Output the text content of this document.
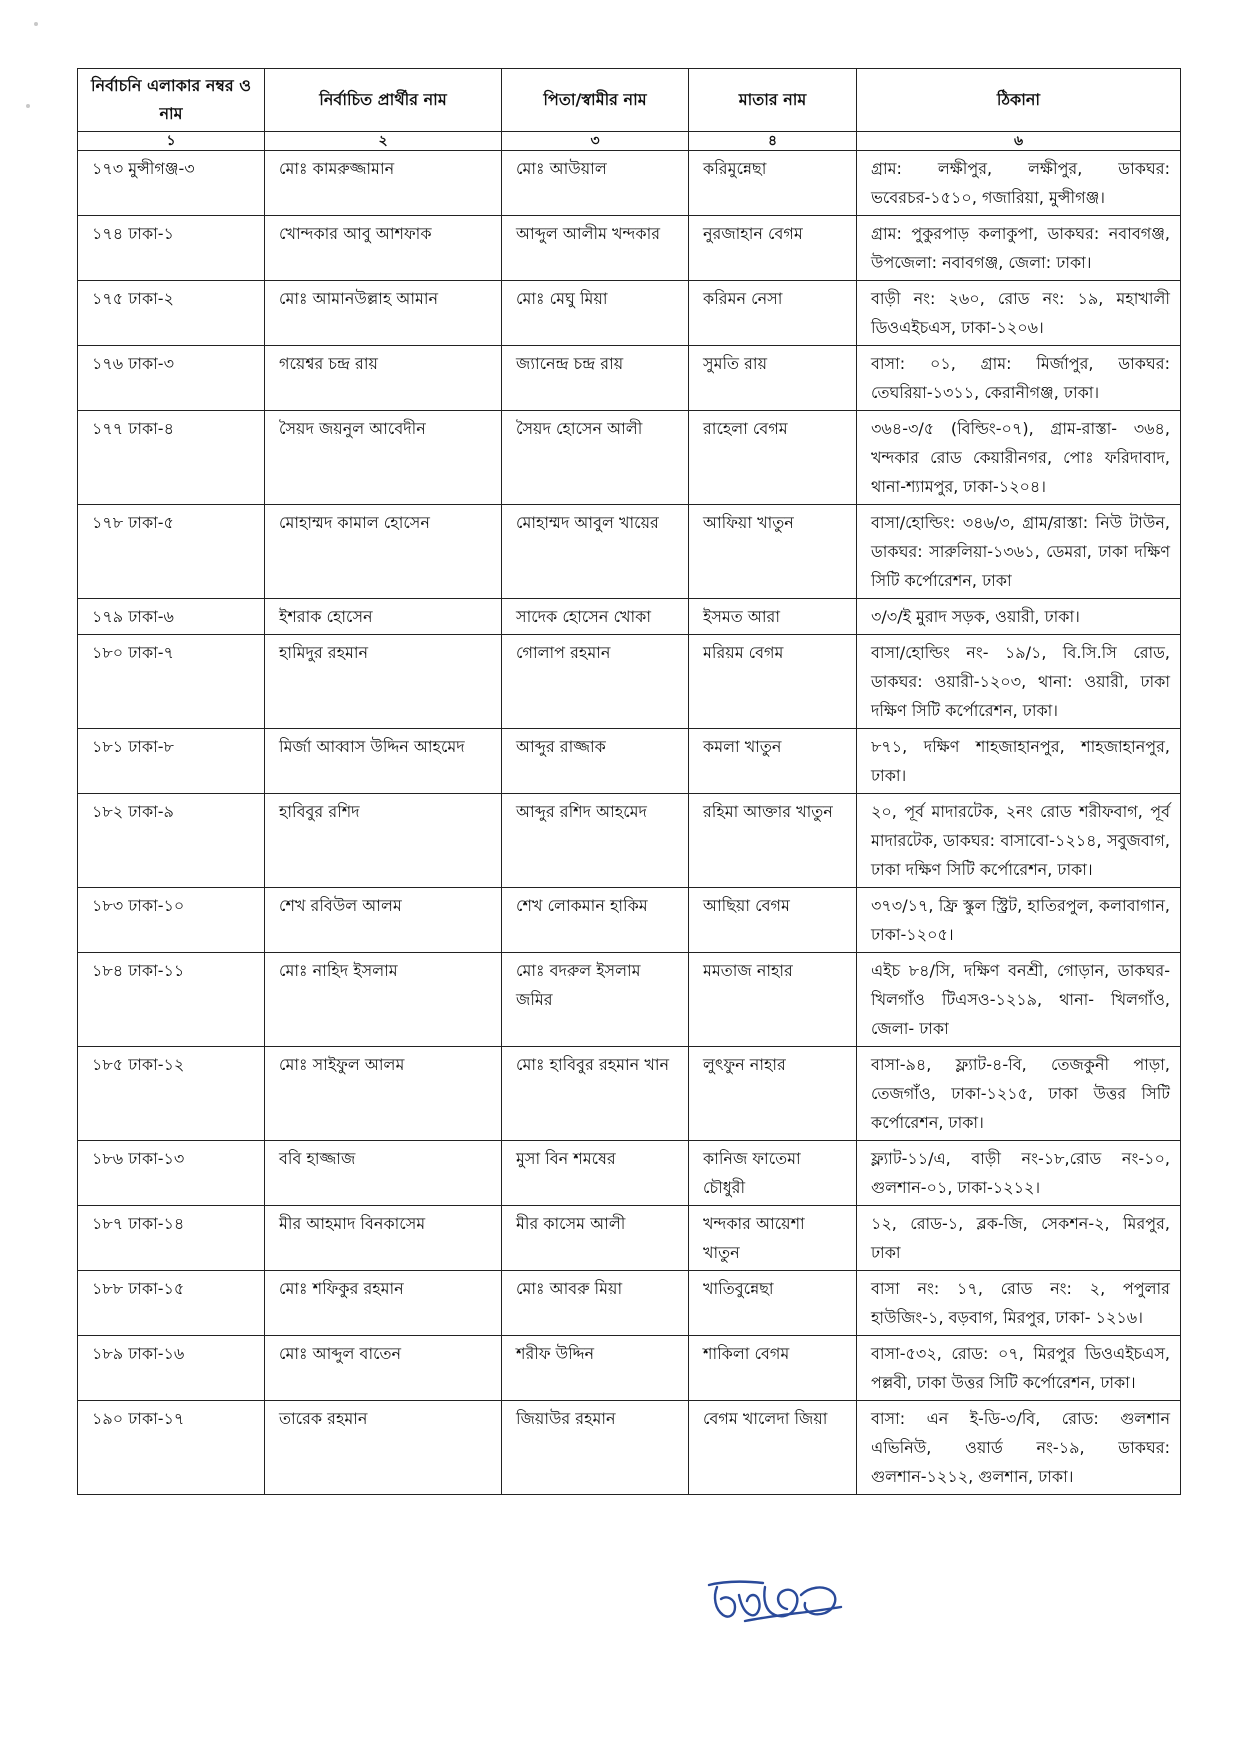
নির্বাচনি এলাকার নম্বর ও নাম	নির্বাচিত প্রার্থীর নাম	পিতা/স্বামীর নাম	মাতার নাম	ঠিকানা
১	২	৩	৪	৬
১৭৩ মুন্সীগঞ্জ-৩	মোঃ কামরুজ্জামান	মোঃ আউয়াল	করিমুন্নেছা	গ্রাম: লক্ষীপুর, লক্ষীপুর, ডাকঘর: ভবেরচর-১৫১০, গজারিয়া, মুন্সীগঞ্জ।
১৭৪ ঢাকা-১	খোন্দকার আবু আশফাক	আব্দুল আলীম খন্দকার	নুরজাহান বেগম	গ্রাম: পুকুরপাড় কলাকুপা, ডাকঘর: নবাবগঞ্জ, উপজেলা: নবাবগঞ্জ, জেলা: ঢাকা।
১৭৫ ঢাকা-২	মোঃ আমানউল্লাহ আমান	মোঃ মেঘু মিয়া	করিমন নেসা	বাড়ী নং: ২৬০, রোড নং: ১৯, মহাখালী ডিওএইচএস, ঢাকা-১২০৬।
১৭৬ ঢাকা-৩	গয়েশ্বর চন্দ্র রায়	জ্যানেন্দ্র চন্দ্র রায়	সুমতি রায়	বাসা: ০১, গ্রাম: মির্জাপুর, ডাকঘর: তেঘরিয়া-১৩১১, কেরানীগঞ্জ, ঢাকা।
১৭৭ ঢাকা-৪	সৈয়দ জয়নুল আবেদীন	সৈয়দ হোসেন আলী	রাহেলা বেগম	৩৬৪-৩/৫ (বিল্ডিং-০৭), গ্রাম-রাস্তা- ৩৬৪, খন্দকার রোড কেয়ারীনগর, পোঃ ফরিদাবাদ, থানা-শ্যামপুর, ঢাকা-১২০৪।
১৭৮ ঢাকা-৫	মোহাম্মদ কামাল হোসেন	মোহাম্মদ আবুল খায়ের	আফিয়া খাতুন	বাসা/হোল্ডিং: ৩৪৬/৩, গ্রাম/রাস্তা: নিউ টাউন, ডাকঘর: সারুলিয়া-১৩৬১, ডেমরা, ঢাকা দক্ষিণ সিটি কর্পোরেশন, ঢাকা
১৭৯ ঢাকা-৬	ইশরাক হোসেন	সাদেক হোসেন খোকা	ইসমত আরা	৩/৩/ই মুরাদ সড়ক, ওয়ারী, ঢাকা।
১৮০ ঢাকা-৭	হামিদুর রহমান	গোলাপ রহমান	মরিয়ম বেগম	বাসা/হোল্ডিং নং- ১৯/১, বি.সি.সি রোড, ডাকঘর: ওয়ারী-১২০৩, থানা: ওয়ারী, ঢাকা দক্ষিণ সিটি কর্পোরেশন, ঢাকা।
১৮১ ঢাকা-৮	মির্জা আব্বাস উদ্দিন আহমেদ	আব্দুর রাজ্জাক	কমলা খাতুন	৮৭১, দক্ষিণ শাহজাহানপুর, শাহজাহানপুর, ঢাকা।
১৮২ ঢাকা-৯	হাবিবুর রশিদ	আব্দুর রশিদ আহমেদ	রহিমা আক্তার খাতুন	২০, পূর্ব মাদারটেক, ২নং রোড শরীফবাগ, পূর্ব মাদারটেক, ডাকঘর: বাসাবো-১২১৪, সবুজবাগ, ঢাকা দক্ষিণ সিটি কর্পোরেশন, ঢাকা।
১৮৩ ঢাকা-১০	শেখ রবিউল আলম	শেখ লোকমান হাকিম	আছিয়া বেগম	৩৭৩/১৭, ফ্রি স্কুল স্ট্রিট, হাতিরপুল, কলাবাগান, ঢাকা-১২০৫।
১৮৪ ঢাকা-১১	মোঃ নাহিদ ইসলাম	মোঃ বদরুল ইসলাম জমির	মমতাজ নাহার	এইচ ৮৪/সি, দক্ষিণ বনশ্রী, গোড়ান, ডাকঘর-খিলগাঁও টিএসও-১২১৯, থানা- খিলগাঁও, জেলা- ঢাকা
১৮৫ ঢাকা-১২	মোঃ সাইফুল আলম	মোঃ হাবিবুর রহমান খান	লুৎফুন নাহার	বাসা-৯৪, ফ্ল্যাট-৪-বি, তেজকুনী পাড়া, তেজগাঁও, ঢাকা-১২১৫, ঢাকা উত্তর সিটি কর্পোরেশন, ঢাকা।
১৮৬ ঢাকা-১৩	ববি হাজ্জাজ	মুসা বিন শমষের	কানিজ ফাতেমা চৌধুরী	ফ্ল্যাট-১১/এ, বাড়ী নং-১৮,রোড নং-১০, গুলশান-০১, ঢাকা-১২১২।
১৮৭ ঢাকা-১৪	মীর আহমাদ বিনকাসেম	মীর কাসেম আলী	খন্দকার আয়েশা খাতুন	১২, রোড-১, ব্লক-জি, সেকশন-২, মিরপুর, ঢাকা
১৮৮ ঢাকা-১৫	মোঃ শফিকুর রহমান	মোঃ আবরু মিয়া	খাতিবুন্নেছা	বাসা নং: ১৭, রোড নং: ২, পপুলার হাউজিং-১, বড়বাগ, মিরপুর, ঢাকা- ১২১৬।
১৮৯ ঢাকা-১৬	মোঃ আব্দুল বাতেন	শরীফ উদ্দিন	শাকিলা বেগম	বাসা-৫৩২, রোড: ০৭, মিরপুর ডিওএইচএস, পল্লবী, ঢাকা উত্তর সিটি কর্পোরেশন, ঢাকা।
১৯০ ঢাকা-১৭	তারেক রহমান	জিয়াউর রহমান	বেগম খালেদা জিয়া	বাসা: এন ই-ডি-৩/বি, রোড: গুলশান এভিনিউ, ওয়ার্ড নং-১৯, ডাকঘর: গুলশান-১২১২, গুলশান, ঢাকা।
